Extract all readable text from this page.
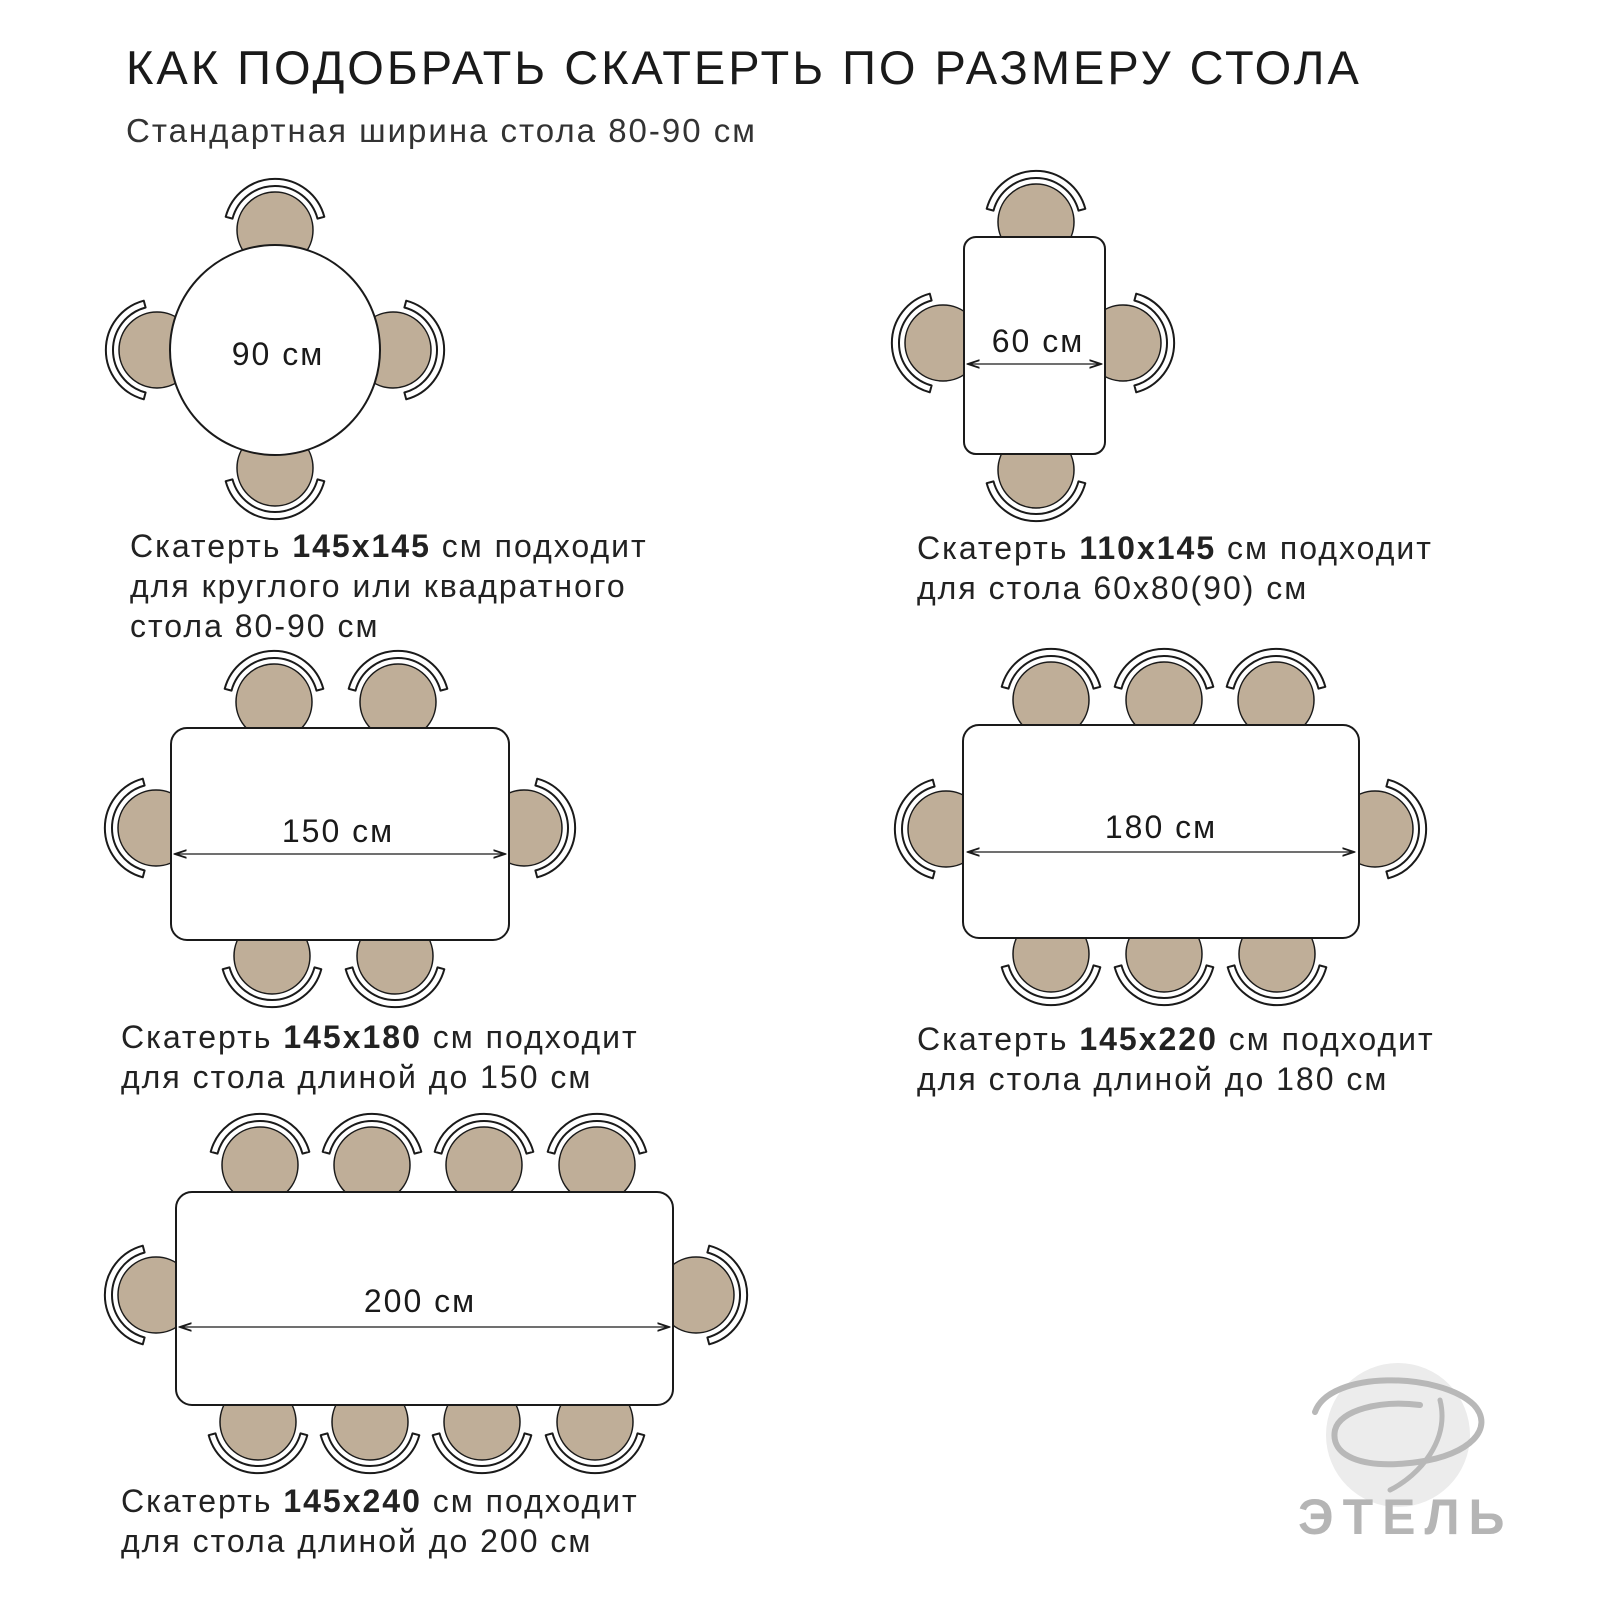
КАК ПОДОБРАТЬ СКАТЕРТЬ ПО РАЗМЕРУ СТОЛА
Стандартная ширина стола 80-90 см
90 см	60 см
150 см	180 см
200 см
Скатерть 145x145 см подходит
для круглого или квадратного
стола 80-90 см
Скатерть 110x145 см подходит
для стола 60x80(90) см
Скатерть 145x180 см подходит
для стола длиной до 150 см
Скатерть 145x220 см подходит
для стола длиной до 180 см
Скатерть 145x240 см подходит
для стола длиной до 200 см	ЭТЕЛЬ
